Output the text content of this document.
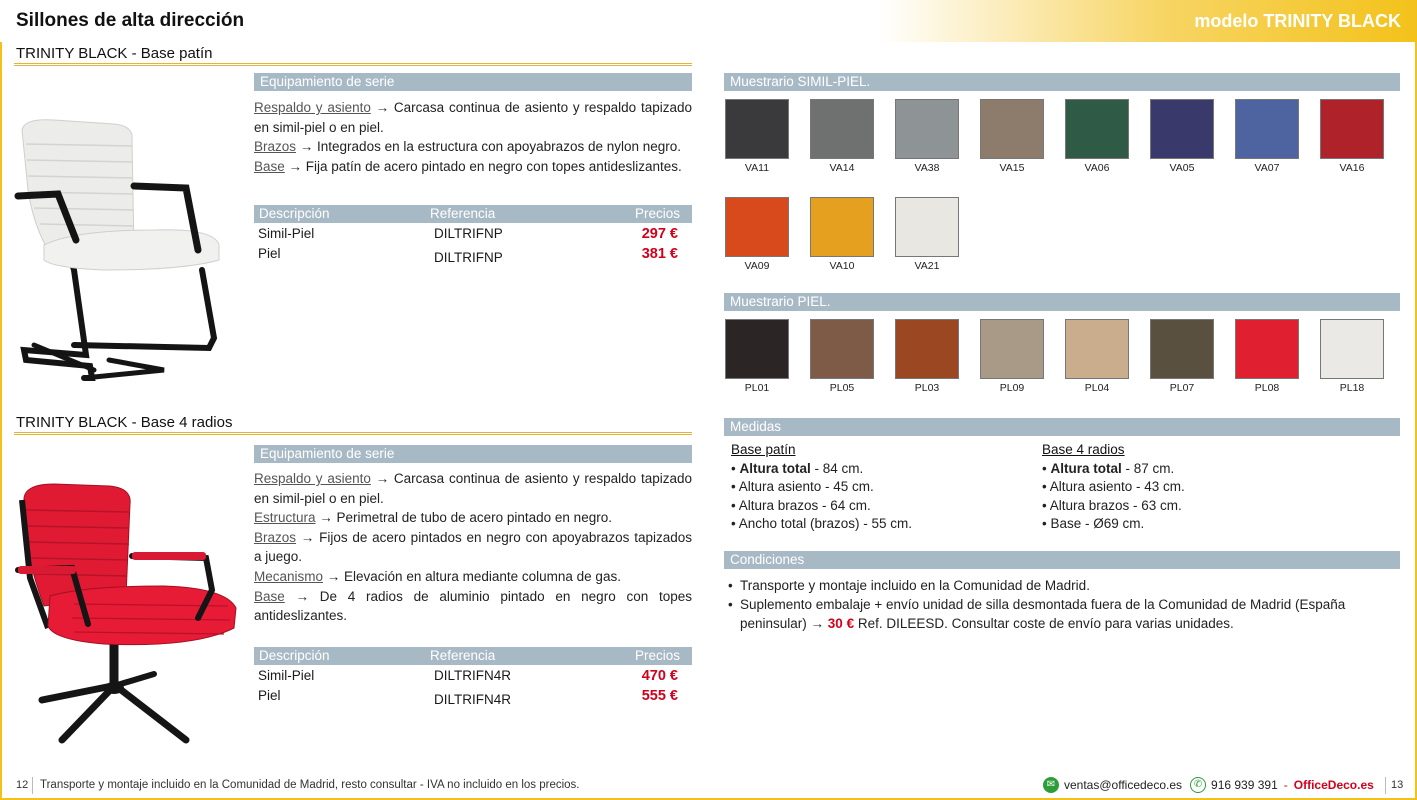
Sillones de alta dirección	modelo TRINITY BLACK
TRINITY BLACK - Base patín
Equipamiento de serie

Respaldo y asiento → Carcasa continua de asiento y respaldo tapizado en simil-piel o en piel.

Brazos → Integrados en la estructura con apoyabrazos de nylon negro.

Base → Fija patín de acero pintado en negro con topes antideslizantes.

Descripción	Referencia	Precios
Simil-Piel	DILTRIFNP	297 €
Piel	DILTRIFNP	381 €
TRINITY BLACK - Base 4 radios
Equipamiento de serie

Respaldo y asiento → Carcasa continua de asiento y respaldo tapizado en simil-piel o en piel.

Estructura → Perimetral de tubo de acero pintado en negro.

Brazos → Fijos de acero pintados en negro con apoyabrazos tapizados a juego.

Mecanismo → Elevación en altura mediante columna de gas.

Base → De 4 radios de aluminio pintado en negro con topes antideslizantes.

Descripción	Referencia	Precios
Simil-Piel	DILTRIFN4R	470 €
Piel	DILTRIFN4R	555 €
Muestrario SIMIL-PIEL.
VA11	VA14	VA38	VA15	VA06	VA05	VA07	VA16
VA09	VA10	VA21
Muestrario PIEL.
PL01	PL05	PL03	PL09	PL04	PL07	PL08	PL18
Medidas
Base patín
• Altura total - 84 cm.
• Altura asiento - 45 cm.
• Altura brazos - 64 cm.
• Ancho total (brazos) - 55 cm.
Base 4 radios
• Altura total - 87 cm.
• Altura asiento - 43 cm.
• Altura brazos - 63 cm.
• Base - Ø69 cm.
Condiciones
• Transporte y montaje incluido en la Comunidad de Madrid.
• Suplemento embalaje + envío unidad de silla desmontada fuera de la Comunidad de Madrid (España peninsular) → 30 € Ref. DILEESD. Consultar coste de envío para varias unidades.
12 Transporte y montaje incluido en la Comunidad de Madrid, resto consultar - IVA no incluido en los precios.	✉ ventas@officedeco.es	✆ 916 939 391 - OfficeDeco.es 13
